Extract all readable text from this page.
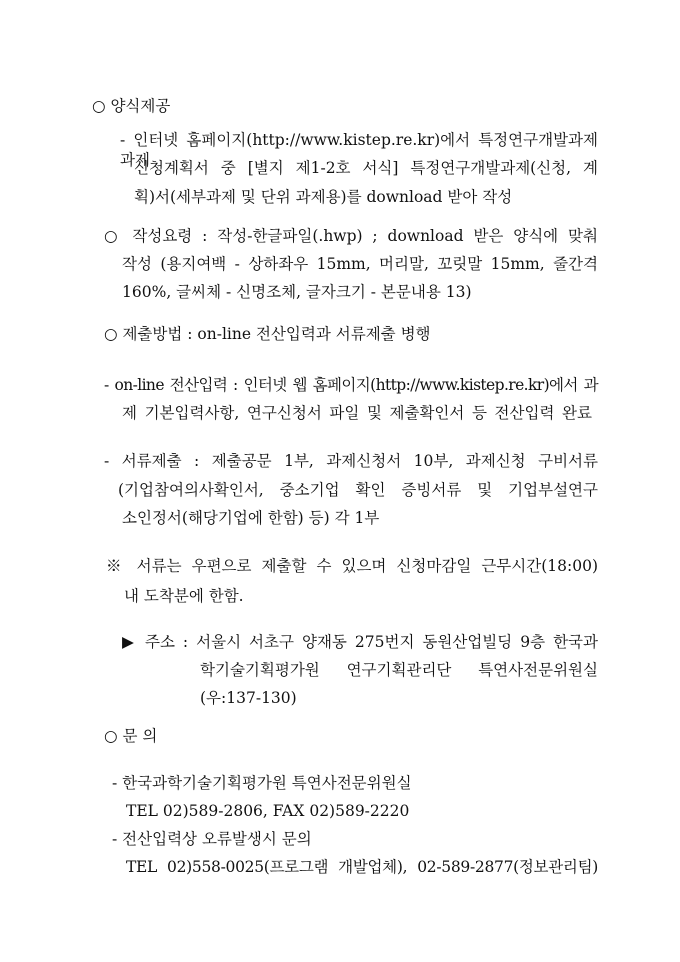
○ 양식제공
- 인터넷 홈페이지(http://www.kistep.re.kr)에서 특정연구개발과제 과제
신청계획서 중 [별지 제1-2호 서식] 특정연구개발과제(신청, 계
획)서(세부과제 및 단위 과제용)를 download 받아 작성
○ 작성요령 : 작성-한글파일(.hwp) ; download 받은 양식에 맞춰
작성 (용지여백 - 상하좌우 15mm, 머리말, 꼬릿말 15mm, 줄간격
160%, 글씨체 - 신명조체, 글자크기 - 본문내용 13)
○ 제출방법 : on-line 전산입력과 서류제출 병행
- on-line 전산입력 : 인터넷 웹 홈페이지(http://www.kistep.re.kr)에서 과
제 기본입력사항, 연구신청서 파일 및 제출확인서 등 전산입력 완료
- 서류제출 : 제출공문 1부, 과제신청서 10부, 과제신청 구비서류
(기업참여의사확인서, 중소기업 확인 증빙서류 및 기업부설연구
소인정서(해당기업에 한함) 등) 각 1부
※ 서류는 우편으로 제출할 수 있으며 신청마감일 근무시간(18:00)
내 도착분에 한함.
▶ 주소 : 서울시 서초구 양재동 275번지 동원산업빌딩 9층 한국과
학기술기획평가원 연구기획관리단 특연사전문위원실
(우:137-130)
○ 문 의
- 한국과학기술기획평가원 특연사전문위원실
TEL 02)589-2806, FAX 02)589-2220
- 전산입력상 오류발생시 문의
TEL 02)558-0025(프로그램 개발업체), 02-589-2877(정보관리팀)
